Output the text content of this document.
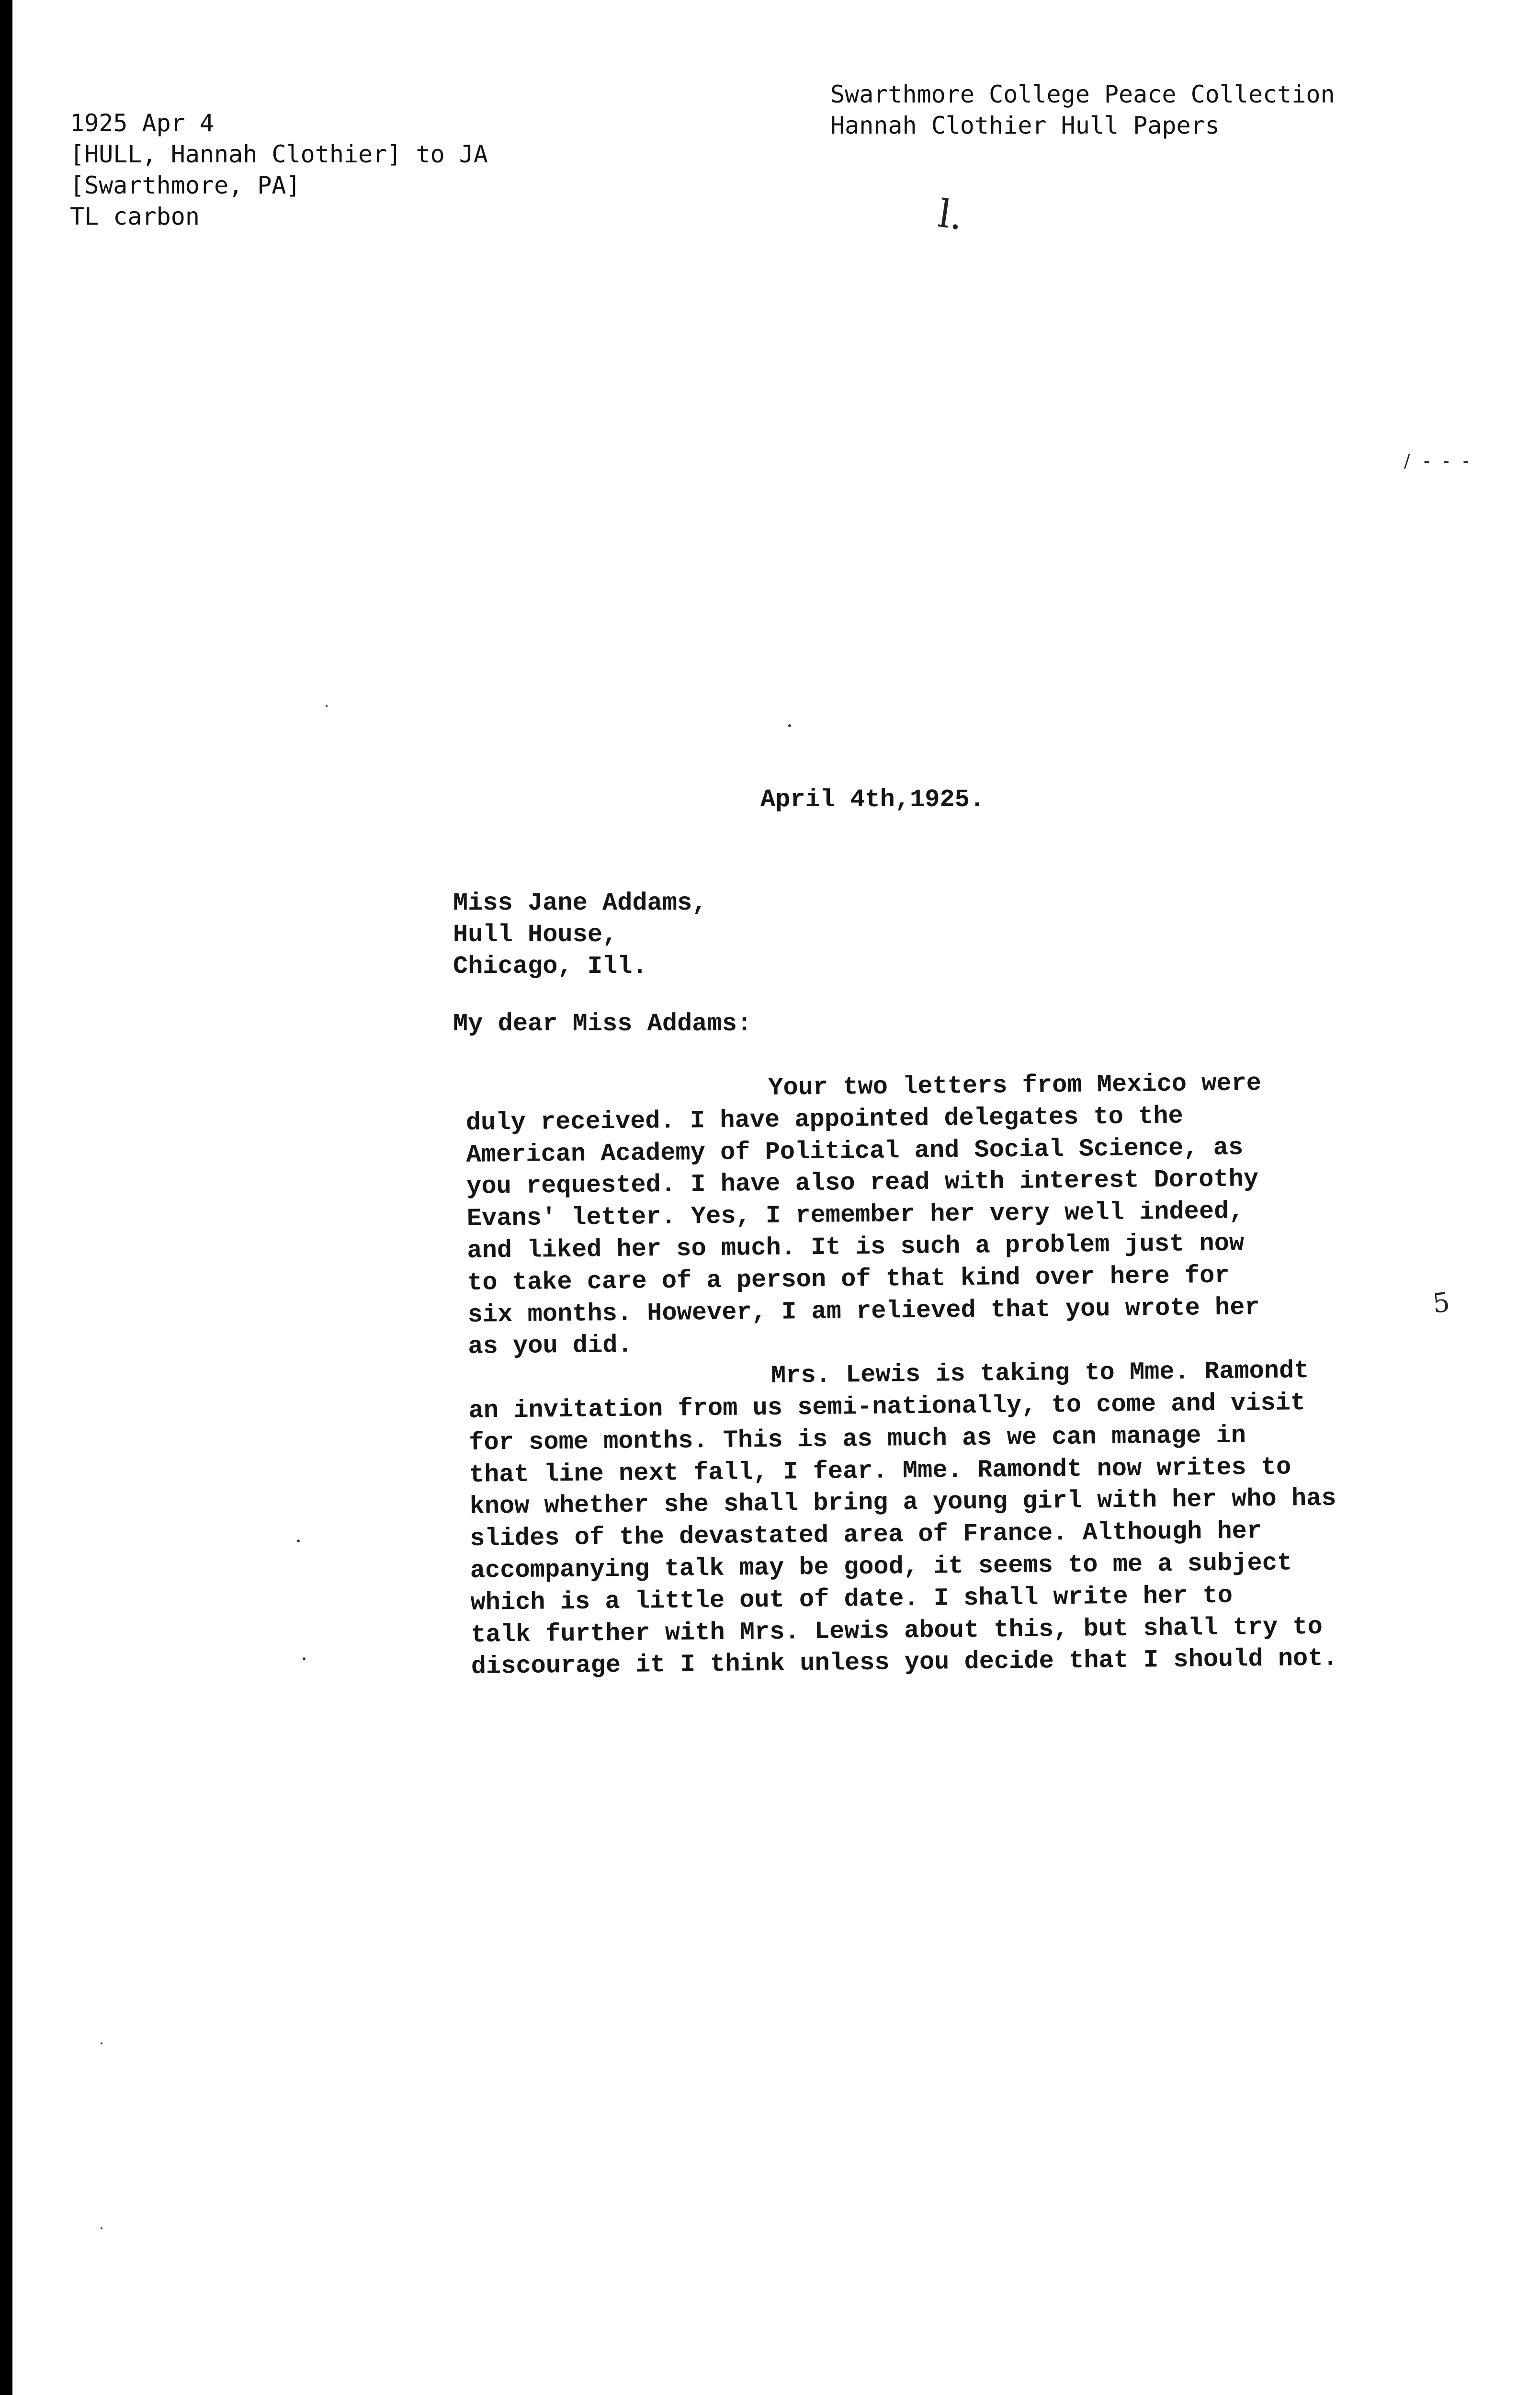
1925 Apr 4
[HULL, Hannah Clothier] to JA
[Swarthmore, PA]
TL carbon
Swarthmore College Peace Collection
Hannah Clothier Hull Papers
l.
/ - - -
5
April 4th,1925.
Miss Jane Addams,
Hull House,
Chicago, Ill.
My dear Miss Addams:
Your two letters from Mexico were
duly received. I have appointed delegates to the
American Academy of Political and Social Science, as
you requested. I have also read with interest Dorothy
Evans' letter. Yes, I remember her very well indeed,
and liked her so much. It is such a problem just now
to take care of a person of that kind over here for
six months. However, I am relieved that you wrote her
as you did.
Mrs. Lewis is taking to Mme. Ramondt
an invitation from us semi-nationally, to come and visit
for some months. This is as much as we can manage in
that line next fall, I fear. Mme. Ramondt now writes to
know whether she shall bring a young girl with her who has
slides of the devastated area of France. Although her
accompanying talk may be good, it seems to me a subject
which is a little out of date. I shall write her to
talk further with Mrs. Lewis about this, but shall try to
discourage it I think unless you decide that I should not.
